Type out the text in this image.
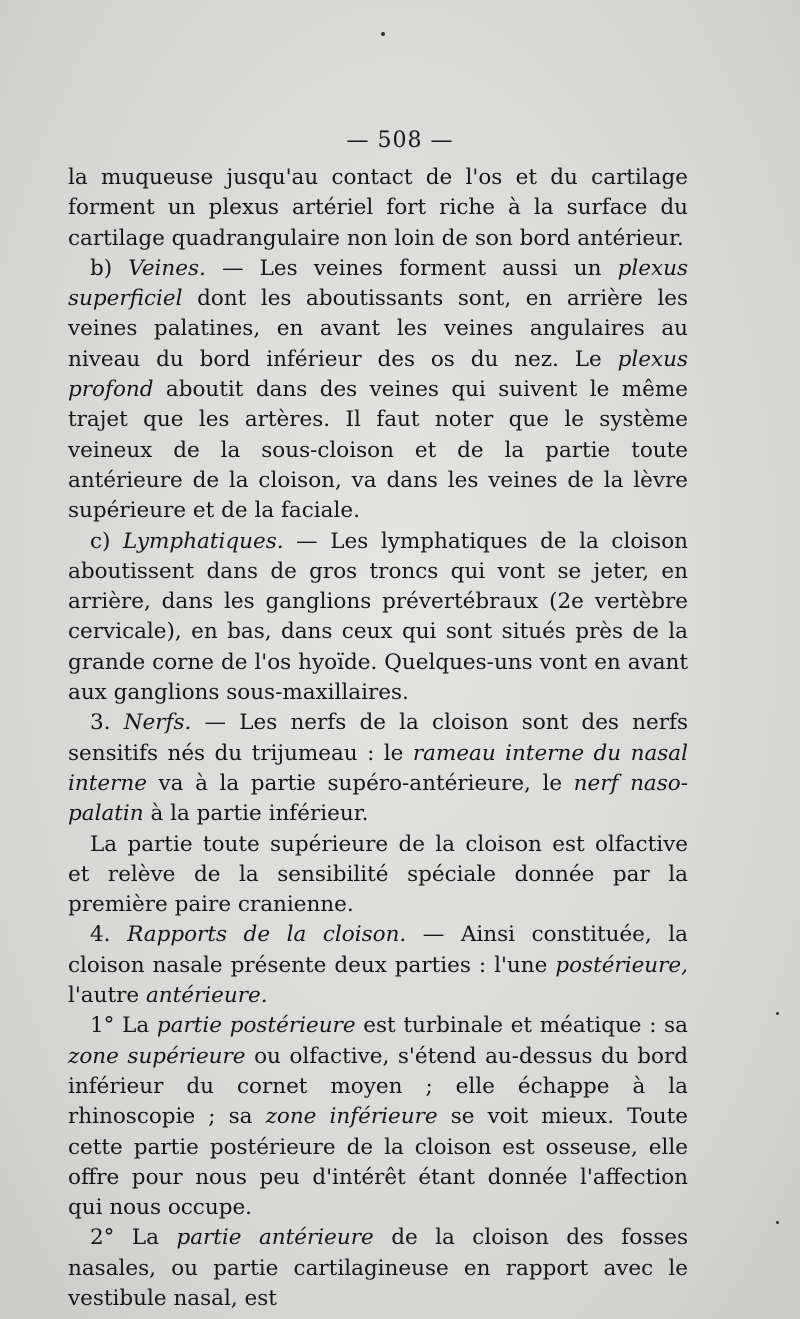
— 508 —

la muqueuse jusqu'au contact de l'os et du cartilage forment un plexus artériel fort riche à la surface du cartilage quadrangulaire non loin de son bord antérieur.

b) Veines. — Les veines forment aussi un plexus superficiel dont les aboutissants sont, en arrière les veines palatines, en avant les veines angulaires au niveau du bord inférieur des os du nez. Le plexus profond aboutit dans des veines qui suivent le même trajet que les artères. Il faut noter que le système veineux de la sous-cloison et de la partie toute antérieure de la cloison, va dans les veines de la lèvre supérieure et de la faciale.

c) Lymphatiques. — Les lymphatiques de la cloison aboutissent dans de gros troncs qui vont se jeter, en arrière, dans les ganglions prévertébraux (2e vertèbre cervicale), en bas, dans ceux qui sont situés près de la grande corne de l'os hyoïde. Quelques-uns vont en avant aux ganglions sous-maxillaires.

3. Nerfs. — Les nerfs de la cloison sont des nerfs sensitifs nés du trijumeau : le rameau interne du nasal interne va à la partie supéro-antérieure, le nerf naso-palatin à la partie inférieur.

La partie toute supérieure de la cloison est olfactive et relève de la sensibilité spéciale donnée par la première paire cranienne.

4. Rapports de la cloison. — Ainsi constituée, la cloison nasale présente deux parties : l'une postérieure, l'autre antérieure.

1° La partie postérieure est turbinale et méatique : sa zone supérieure ou olfactive, s'étend au-dessus du bord inférieur du cornet moyen ; elle échappe à la rhinoscopie ; sa zone inférieure se voit mieux. Toute cette partie postérieure de la cloison est osseuse, elle offre pour nous peu d'intérêt étant donnée l'affection qui nous occupe.

2° La partie antérieure de la cloison des fosses nasales, ou partie cartilagineuse en rapport avec le vestibule nasal, est
